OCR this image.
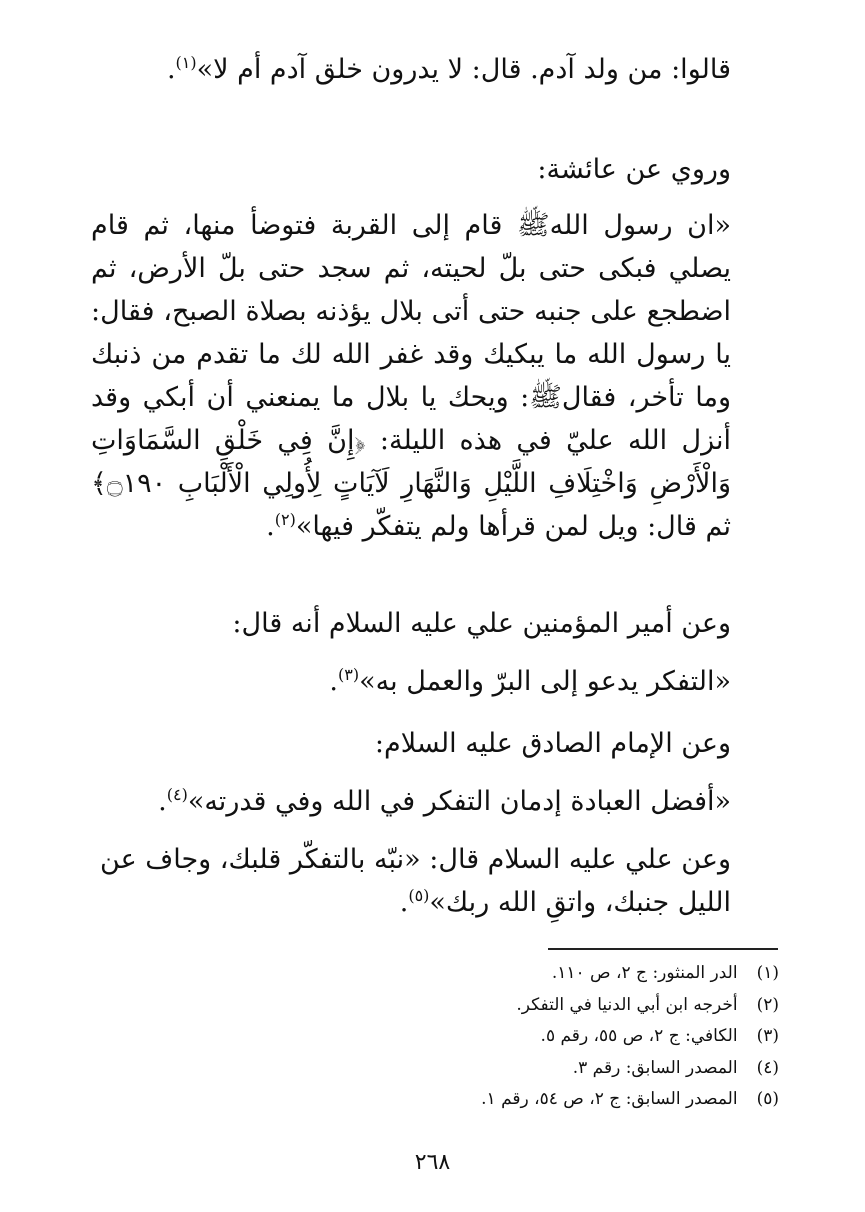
قالوا: من ولد آدم. قال: لا يدرون خلق آدم أم لا»$^{(١)}$.

وروي عن عائشة:

«ان رسول اللهﷺ قام إلى القربة فتوضأ منها، ثم قام يصلي فبكى حتى بلّ لحيته، ثم سجد حتى بلّ الأرض، ثم اضطجع على جنبه حتى أتى بلال يؤذنه بصلاة الصبح، فقال: يا رسول الله ما يبكيك وقد غفر الله لك ما تقدم من ذنبك وما تأخر، فقالﷺ: ويحك يا بلال ما يمنعني أن أبكي وقد أنزل الله عليّ في هذه الليلة: ﴿إِنَّ فِي خَلْقِ السَّمَاوَاتِ وَالْأَرْضِ وَاخْتِلَافِ اللَّيْلِ وَالنَّهَارِ لَآيَاتٍ لِأُولِي الْأَلْبَابِ ۝١٩٠﴾ ثم قال: ويل لمن قرأها ولم يتفكّر فيها»$^{(٢)}$.

وعن أمير المؤمنين علي عليه السلام أنه قال:

«التفكر يدعو إلى البرّ والعمل به»$^{(٣)}$.

وعن الإمام الصادق عليه السلام:

«أفضل العبادة إدمان التفكر في الله وفي قدرته»$^{(٤)}$.

وعن علي عليه السلام قال: «نبّه بالتفكّر قلبك، وجاف عن الليل جنبك، واتقِ الله ربك»$^{(٥)}$.

(١) الدر المنثور: ج ٢، ص ١١٠.
(٢) أخرجه ابن أبي الدنيا في التفكر.
(٣) الكافي: ج ٢، ص ٥٥، رقم ٥.
(٤) المصدر السابق: رقم ٣.
(٥) المصدر السابق: ج ٢، ص ٥٤، رقم ١.
٢٦٨
